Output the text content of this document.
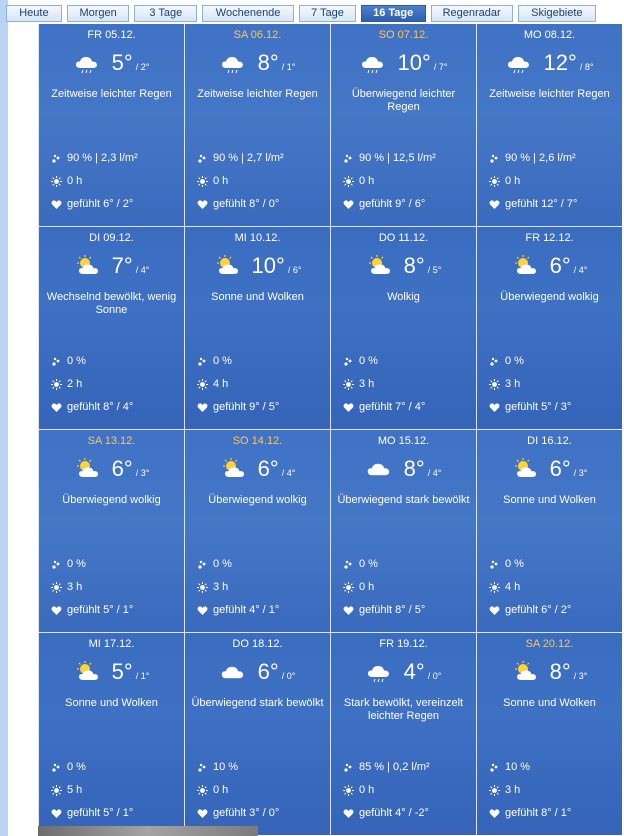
Heute	Morgen	3 Tage	Wochenende	7 Tage	16 Tage	Regenradar	Skigebiete
FR 05.12.
5° / 2°
Zeitweise leichter Regen
90 % | 2,3 l/m²
0 h
gefühlt 6° / 2°
SA 06.12.
8° / 1°
Zeitweise leichter Regen
90 % | 2,7 l/m²
0 h
gefühlt 8° / 0°
SO 07.12.
10° / 7°
Überwiegend leichter Regen
90 % | 12,5 l/m²
0 h
gefühlt 9° / 6°
MO 08.12.
12° / 8°
Zeitweise leichter Regen
90 % | 2,6 l/m²
0 h
gefühlt 12° / 7°
DI 09.12.
7° / 4°
Wechselnd bewölkt, wenig Sonne
0 %
2 h
gefühlt 8° / 4°
MI 10.12.
10° / 6°
Sonne und Wolken
0 %
4 h
gefühlt 9° / 5°
DO 11.12.
8° / 5°
Wolkig
0 %
3 h
gefühlt 7° / 4°
FR 12.12.
6° / 4°
Überwiegend wolkig
0 %
3 h
gefühlt 5° / 3°
SA 13.12.
6° / 3°
Überwiegend wolkig
0 %
3 h
gefühlt 5° / 1°
SO 14.12.
6° / 4°
Überwiegend wolkig
0 %
3 h
gefühlt 4° / 1°
MO 15.12.
8° / 4°
Überwiegend stark bewölkt
0 %
0 h
gefühlt 8° / 5°
DI 16.12.
6° / 3°
Sonne und Wolken
0 %
4 h
gefühlt 6° / 2°
MI 17.12.
5° / 1°
Sonne und Wolken
0 %
5 h
gefühlt 5° / 1°
DO 18.12.
6° / 0°
Überwiegend stark bewölkt
10 %
0 h
gefühlt 3° / 0°
FR 19.12.
4° / 0°
Stark bewölkt, vereinzelt leichter Regen
85 % | 0,2 l/m²
0 h
gefühlt 4° / -2°
SA 20.12.
8° / 3°
Sonne und Wolken
10 %
3 h
gefühlt 8° / 1°
